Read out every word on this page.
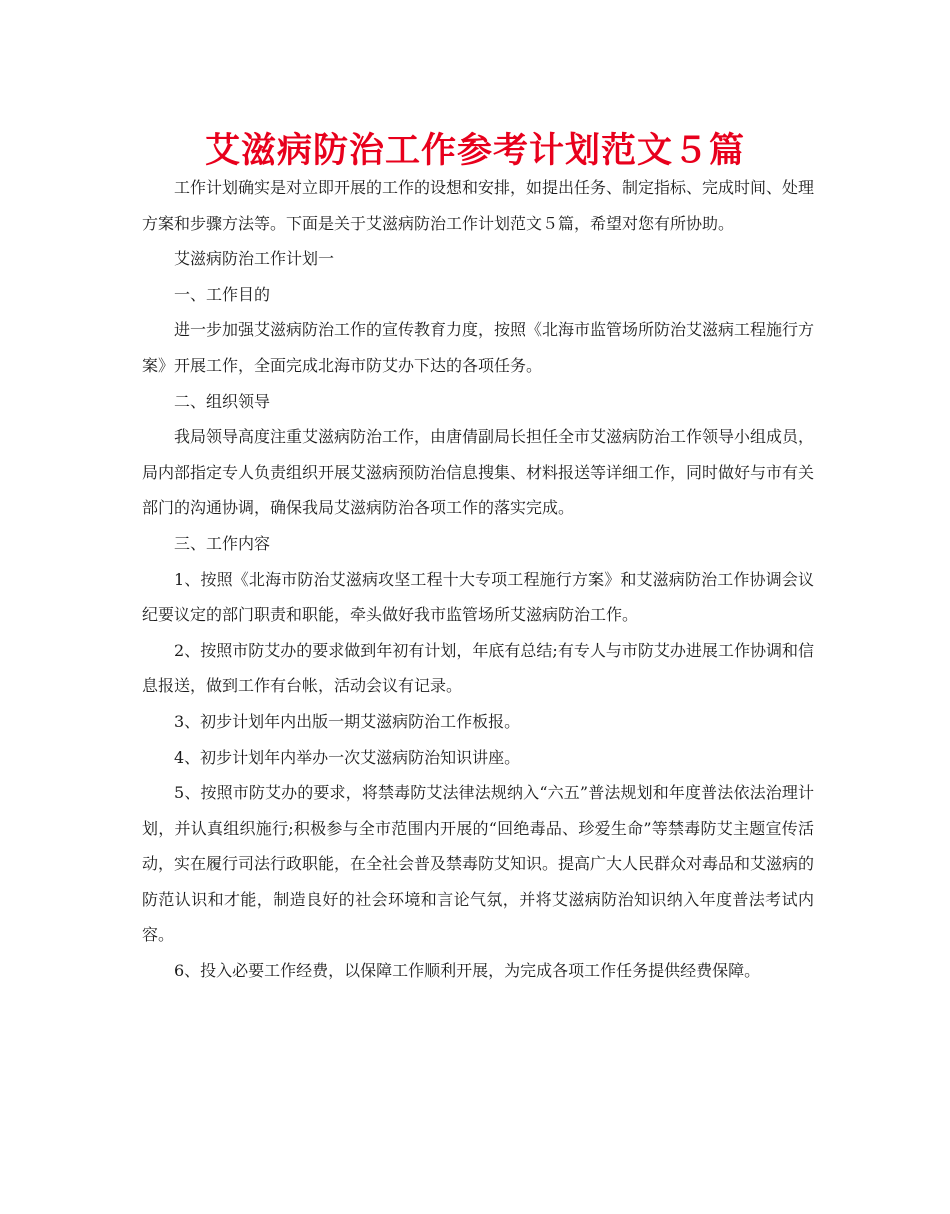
艾滋病防治工作参考计划范文５篇

工作计划确实是对立即开展的工作的设想和安排，如提出任务、制定指标、完成时间、处理方案和步骤方法等。下面是关于艾滋病防治工作计划范文５篇，希望对您有所协助。

艾滋病防治工作计划一

一、工作目的

进一步加强艾滋病防治工作的宣传教育力度，按照《北海市监管场所防治艾滋病工程施行方案》开展工作，全面完成北海市防艾办下达的各项任务。

二、组织领导

我局领导高度注重艾滋病防治工作，由唐倩副局长担任全市艾滋病防治工作领导小组成员，局内部指定专人负责组织开展艾滋病预防治信息搜集、材料报送等详细工作，同时做好与市有关部门的沟通协调，确保我局艾滋病防治各项工作的落实完成。

三、工作内容

1、按照《北海市防治艾滋病攻坚工程十大专项工程施行方案》和艾滋病防治工作协调会议纪要议定的部门职责和职能，牵头做好我市监管场所艾滋病防治工作。

2、按照市防艾办的要求做到年初有计划，年底有总结;有专人与市防艾办进展工作协调和信息报送，做到工作有台帐，活动会议有记录。

3、初步计划年内出版一期艾滋病防治工作板报。

4、初步计划年内举办一次艾滋病防治知识讲座。

5、按照市防艾办的要求，将禁毒防艾法律法规纳入“六五”普法规划和年度普法依法治理计划，并认真组织施行;积极参与全市范围内开展的“回绝毒品、珍爱生命”等禁毒防艾主题宣传活动，实在履行司法行政职能，在全社会普及禁毒防艾知识。提高广大人民群众对毒品和艾滋病的防范认识和才能，制造良好的社会环境和言论气氛，并将艾滋病防治知识纳入年度普法考试内容。

6、投入必要工作经费，以保障工作顺利开展，为完成各项工作任务提供经费保障。
